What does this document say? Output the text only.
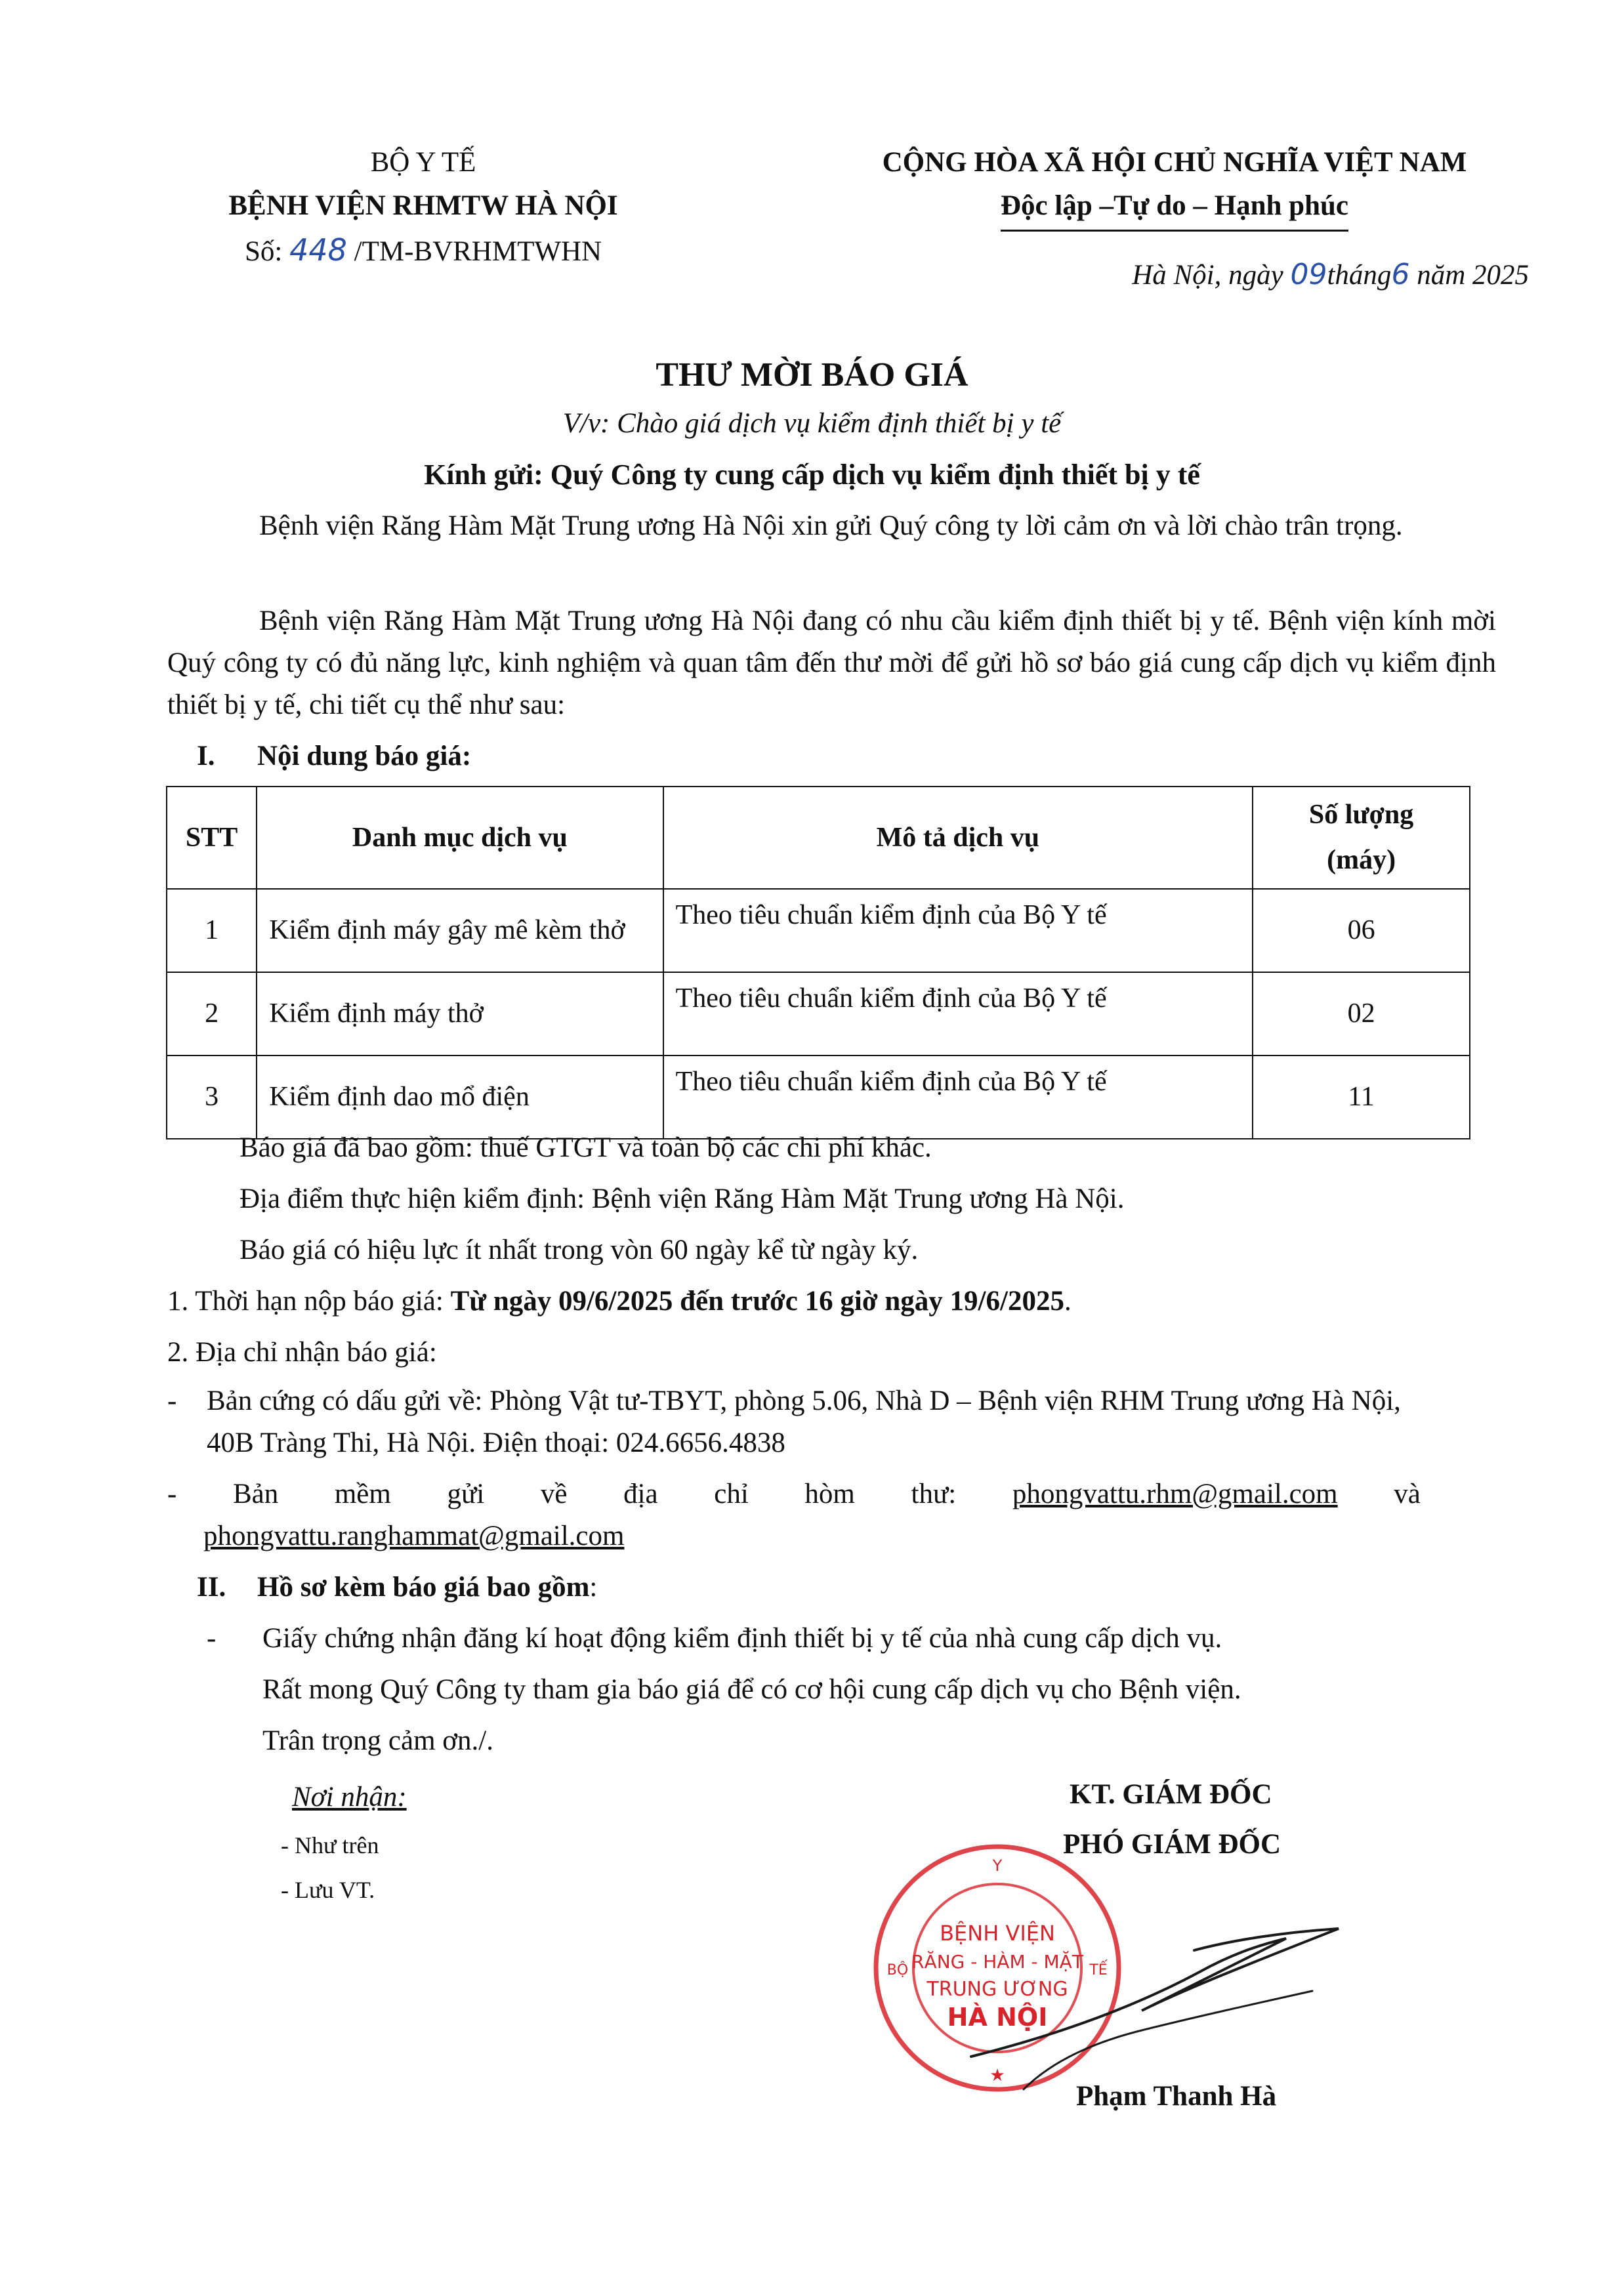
BỘ Y TẾ
BỆNH VIỆN RHMTW HÀ NỘI
Số: 448 /TM-BVRHMTWHN
CỘNG HÒA XÃ HỘI CHỦ NGHĨA VIỆT NAM
Độc lập –Tự do – Hạnh phúc
Hà Nội, ngày 09tháng6 năm 2025
THƯ MỜI BÁO GIÁ
V/v: Chào giá dịch vụ kiểm định thiết bị y tế
Kính gửi: Quý Công ty cung cấp dịch vụ kiểm định thiết bị y tế
Bệnh viện Răng Hàm Mặt Trung ương Hà Nội xin gửi Quý công ty lời cảm ơn và lời chào trân trọng.
Bệnh viện Răng Hàm Mặt Trung ương Hà Nội đang có nhu cầu kiểm định thiết bị y tế. Bệnh viện kính mời Quý công ty có đủ năng lực, kinh nghiệm và quan tâm đến thư mời để gửi hồ sơ báo giá cung cấp dịch vụ kiểm định thiết bị y tế, chi tiết cụ thể như sau:
I. Nội dung báo giá:
STT	Danh mục dịch vụ	Mô tả dịch vụ	Số lượng
(máy)

1	Kiểm định máy gây mê kèm thở	Theo tiêu chuẩn kiểm định của Bộ Y tế	06
2	Kiểm định máy thở	Theo tiêu chuẩn kiểm định của Bộ Y tế	02
3	Kiểm định dao mổ điện	Theo tiêu chuẩn kiểm định của Bộ Y tế	11
Báo giá đã bao gồm: thuế GTGT và toàn bộ các chi phí khác.
Địa điểm thực hiện kiểm định: Bệnh viện Răng Hàm Mặt Trung ương Hà Nội.
Báo giá có hiệu lực ít nhất trong vòn 60 ngày kể từ ngày ký.
1. Thời hạn nộp báo giá: Từ ngày 09/6/2025 đến trước 16 giờ ngày 19/6/2025.
2. Địa chỉ nhận báo giá:
- Bản cứng có dấu gửi về: Phòng Vật tư-TBYT, phòng 5.06, Nhà D – Bệnh viện RHM Trung ương Hà Nội,
40B Tràng Thi, Hà Nội. Điện thoại: 024.6656.4838
- Bản mềm gửi về địa chỉ hòm thư: phongvattu.rhm@gmail.com và
phongvattu.ranghammat@gmail.com
II. Hồ sơ kèm báo giá bao gồm:
- Giấy chứng nhận đăng kí hoạt động kiểm định thiết bị y tế của nhà cung cấp dịch vụ.
Rất mong Quý Công ty tham gia báo giá để có cơ hội cung cấp dịch vụ cho Bệnh viện.
Trân trọng cảm ơn./.
Nơi nhận:
- Như trên
- Lưu VT.
KT. GIÁM ĐỐC
PHÓ GIÁM ĐỐC
Y
BỘ	TẾ
★
BỆNH VIỆN
RĂNG - HÀM - MẶT
TRUNG ƯƠNG
HÀ NỘI
Phạm Thanh Hà
